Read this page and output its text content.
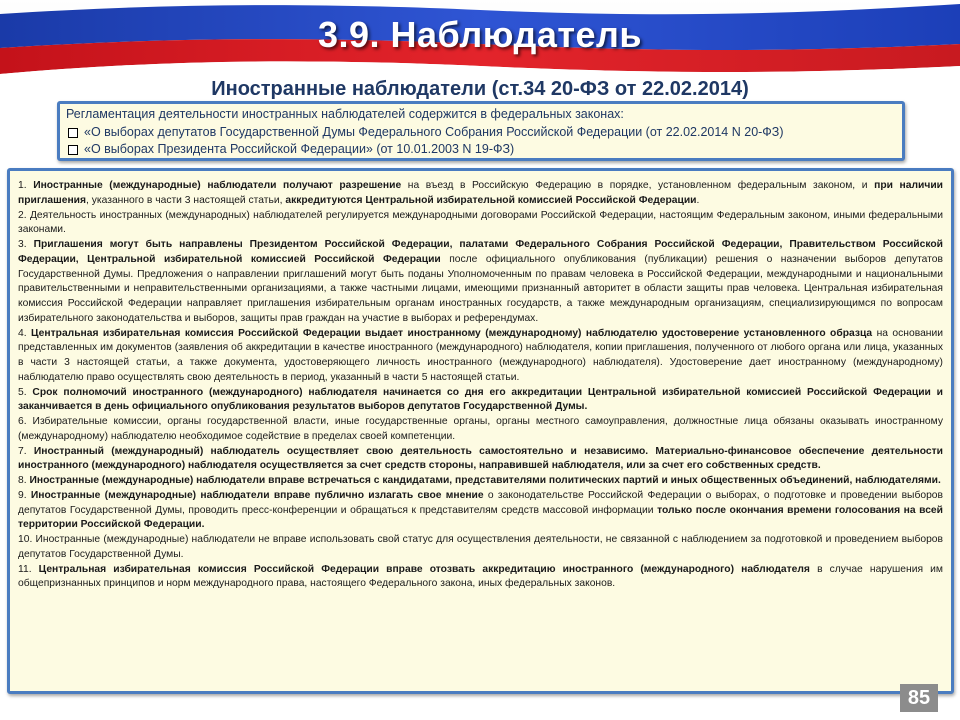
3.9. Наблюдатель
Иностранные наблюдатели (ст.34 20-ФЗ от 22.02.2014)
Регламентация деятельности иностранных наблюдателей содержится в федеральных законах:
«О выборах депутатов Государственной Думы Федерального Собрания Российской Федерации (от 22.02.2014 N 20-ФЗ)
«О выборах Президента Российской Федерации» (от 10.01.2003 N 19-ФЗ)

1. Иностранные (международные) наблюдатели получают разрешение на въезд в Российскую Федерацию в порядке, установленном федеральным законом, и при наличии приглашения, указанного в части 3 настоящей статьи, аккредитуются Центральной избирательной комиссией Российской Федерации.

2. Деятельность иностранных (международных) наблюдателей регулируется международными договорами Российской Федерации, настоящим Федеральным законом, иными федеральными законами.

3. Приглашения могут быть направлены Президентом Российской Федерации, палатами Федерального Собрания Российской Федерации, Правительством Российской Федерации, Центральной избирательной комиссией Российской Федерации после официального опубликования (публикации) решения о назначении выборов депутатов Государственной Думы. Предложения о направлении приглашений могут быть поданы Уполномоченным по правам человека в Российской Федерации, международными и национальными правительственными и неправительственными организациями, а также частными лицами, имеющими признанный авторитет в области защиты прав человека. Центральная избирательная комиссия Российской Федерации направляет приглашения избирательным органам иностранных государств, а также международным организациям, специализирующимся по вопросам избирательного законодательства и выборов, защиты прав граждан на участие в выборах и референдумах.

4. Центральная избирательная комиссия Российской Федерации выдает иностранному (международному) наблюдателю удостоверение установленного образца на основании представленных им документов (заявления об аккредитации в качестве иностранного (международного) наблюдателя, копии приглашения, полученного от любого органа или лица, указанных в части 3 настоящей статьи, а также документа, удостоверяющего личность иностранного (международного) наблюдателя). Удостоверение дает иностранному (международному) наблюдателю право осуществлять свою деятельность в период, указанный в части 5 настоящей статьи.

5. Срок полномочий иностранного (международного) наблюдателя начинается со дня его аккредитации Центральной избирательной комиссией Российской Федерации и заканчивается в день официального опубликования результатов выборов депутатов Государственной Думы.

6. Избирательные комиссии, органы государственной власти, иные государственные органы, органы местного самоуправления, должностные лица обязаны оказывать иностранному (международному) наблюдателю необходимое содействие в пределах своей компетенции.

7. Иностранный (международный) наблюдатель осуществляет свою деятельность самостоятельно и независимо. Материально-финансовое обеспечение деятельности иностранного (международного) наблюдателя осуществляется за счет средств стороны, направившей наблюдателя, или за счет его собственных средств.

8. Иностранные (международные) наблюдатели вправе встречаться с кандидатами, представителями политических партий и иных общественных объединений, наблюдателями.

9. Иностранные (международные) наблюдатели вправе публично излагать свое мнение о законодательстве Российской Федерации о выборах, о подготовке и проведении выборов депутатов Государственной Думы, проводить пресс-конференции и обращаться к представителям средств массовой информации только после окончания времени голосования на всей территории Российской Федерации.

10. Иностранные (международные) наблюдатели не вправе использовать свой статус для осуществления деятельности, не связанной с наблюдением за подготовкой и проведением выборов депутатов Государственной Думы.

11. Центральная избирательная комиссия Российской Федерации вправе отозвать аккредитацию иностранного (международного) наблюдателя в случае нарушения им общепризнанных принципов и норм международного права, настоящего Федерального закона, иных федеральных законов.

85
